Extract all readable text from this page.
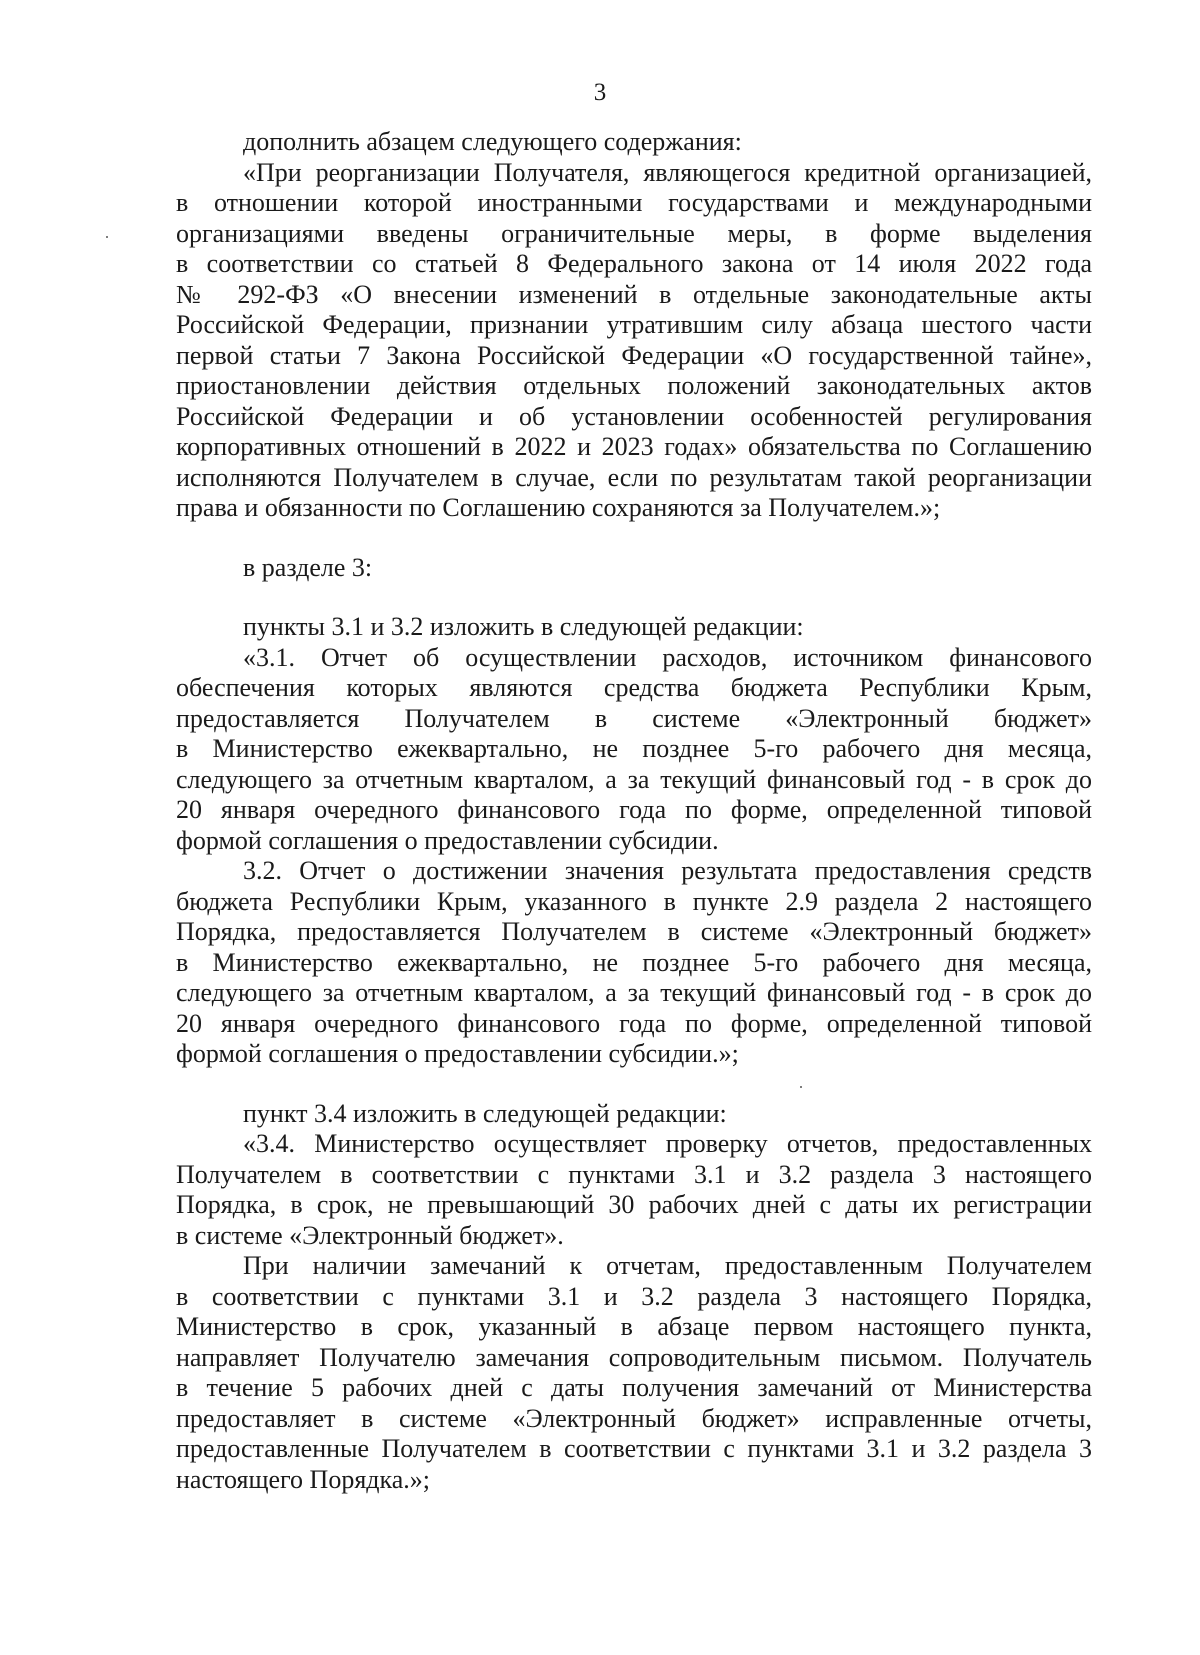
3
дополнить абзацем следующего содержания:
«При реорганизации Получателя, являющегося кредитной организацией,
в отношении которой иностранными государствами и международными
организациями введены ограничительные меры, в форме выделения
в соответствии со статьей 8 Федерального закона от 14 июля 2022 года
№ 292-ФЗ «О внесении изменений в отдельные законодательные акты
Российской Федерации, признании утратившим силу абзаца шестого части
первой статьи 7 Закона Российской Федерации «О государственной тайне»,
приостановлении действия отдельных положений законодательных актов
Российской Федерации и об установлении особенностей регулирования
корпоративных отношений в 2022 и 2023 годах» обязательства по Соглашению
исполняются Получателем в случае, если по результатам такой реорганизации
права и обязанности по Соглашению сохраняются за Получателем.»;
в разделе 3:
пункты 3.1 и 3.2 изложить в следующей редакции:
«3.1. Отчет об осуществлении расходов, источником финансового
обеспечения которых являются средства бюджета Республики Крым,
предоставляется Получателем в системе «Электронный бюджет»
в Министерство ежеквартально, не позднее 5-го рабочего дня месяца,
следующего за отчетным кварталом, а за текущий финансовый год - в срок до
20 января очередного финансового года по форме, определенной типовой
формой соглашения о предоставлении субсидии.
3.2. Отчет о достижении значения результата предоставления средств
бюджета Республики Крым, указанного в пункте 2.9 раздела 2 настоящего
Порядка, предоставляется Получателем в системе «Электронный бюджет»
в Министерство ежеквартально, не позднее 5-го рабочего дня месяца,
следующего за отчетным кварталом, а за текущий финансовый год - в срок до
20 января очередного финансового года по форме, определенной типовой
формой соглашения о предоставлении субсидии.»;
пункт 3.4 изложить в следующей редакции:
«3.4. Министерство осуществляет проверку отчетов, предоставленных
Получателем в соответствии с пунктами 3.1 и 3.2 раздела 3 настоящего
Порядка, в срок, не превышающий 30 рабочих дней с даты их регистрации
в системе «Электронный бюджет».
При наличии замечаний к отчетам, предоставленным Получателем
в соответствии с пунктами 3.1 и 3.2 раздела 3 настоящего Порядка,
Министерство в срок, указанный в абзаце первом настоящего пункта,
направляет Получателю замечания сопроводительным письмом. Получатель
в течение 5 рабочих дней с даты получения замечаний от Министерства
предоставляет в системе «Электронный бюджет» исправленные отчеты,
предоставленные Получателем в соответствии с пунктами 3.1 и 3.2 раздела 3
настоящего Порядка.»;
